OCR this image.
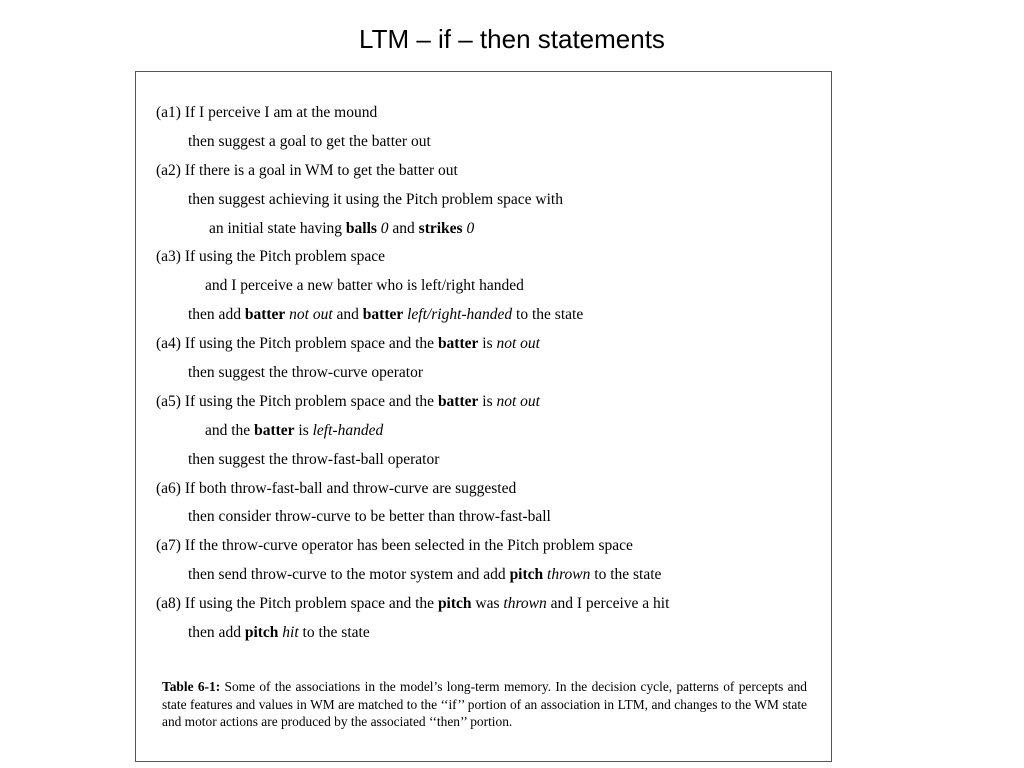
LTM – if – then statements
(a1) If I perceive I am at the mound
then suggest a goal to get the batter out
(a2) If there is a goal in WM to get the batter out
then suggest achieving it using the Pitch problem space with
an initial state having balls 0 and strikes 0
(a3) If using the Pitch problem space
and I perceive a new batter who is left/right handed
then add batter not out and batter left/right-handed to the state
(a4) If using the Pitch problem space and the batter is not out
then suggest the throw-curve operator
(a5) If using the Pitch problem space and the batter is not out
and the batter is left-handed
then suggest the throw-fast-ball operator
(a6) If both throw-fast-ball and throw-curve are suggested
then consider throw-curve to be better than throw-fast-ball
(a7) If the throw-curve operator has been selected in the Pitch problem space
then send throw-curve to the motor system and add pitch thrown to the state
(a8) If using the Pitch problem space and the pitch was thrown and I perceive a hit
then add pitch hit to the state
Table 6-1: Some of the associations in the model’s long-term memory. In the decision cycle, patterns of percepts and state features and values in WM are matched to the ‘‘if’’ portion of an association in LTM, and changes to the WM state and motor actions are produced by the associated ‘‘then’’ portion.
